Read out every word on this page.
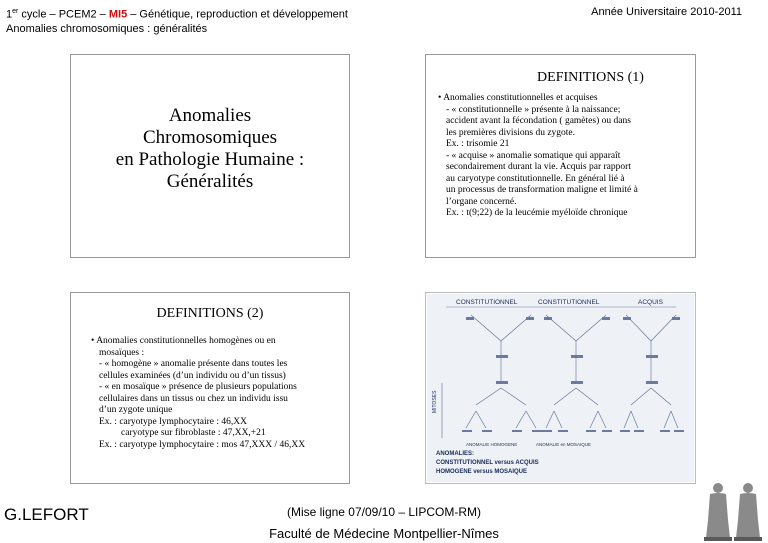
1er cycle – PCEM2 – MI5 – Génétique, reproduction et développement
Anomalies chromosomiques : généralités
Année Universitaire 2010-2011
Anomalies
Chromosomiques
en Pathologie Humaine :
Généralités
DEFINITIONS (1)

• Anomalies constitutionnelles et acquises

- « constitutionnelle » présente à la naissance;

accident avant la fécondation ( gamètes) ou dans

les premières divisions du zygote.

Ex. : trisomie 21

- « acquise » anomalie somatique qui apparaît

secondairement durant la vie. Acquis par rapport

au caryotype constitutionnelle. En général lié à

un processus de transformation maligne et limité à

l’organe concerné.

Ex. : t(9;22) de la leucémie myéloïde chronique

DEFINITIONS (2)

• Anomalies constitutionnelles homogènes ou en

mosaïques :

- « homogène » anomalie présente dans toutes les

cellules examinées (d’un individu ou d’un tissus)

- « en mosaïque » présence de plusieurs populations

cellulaires dans un tissus ou chez un individu issu

d’un zygote unique

Ex. : caryotype lymphocytaire : 46,XX

caryotype sur fibroblaste : 47,XX,+21

Ex. : caryotype lymphocytaire : mos 47,XXX / 46,XX

CONSTITUTIONNEL	CONSTITUTIONNEL	ACQUIS
MITOSES
ANOMALIES:
CONSTITUTIONNEL versus ACQUIS
HOMOGENE versus MOSAIQUE
ANOMALIE HOMOGENE	ANOMALIE en MOSAIQUE
G.LEFORT	(Mise ligne 07/09/10 – LIPCOM-RM)
Faculté de Médecine Montpellier-Nîmes
